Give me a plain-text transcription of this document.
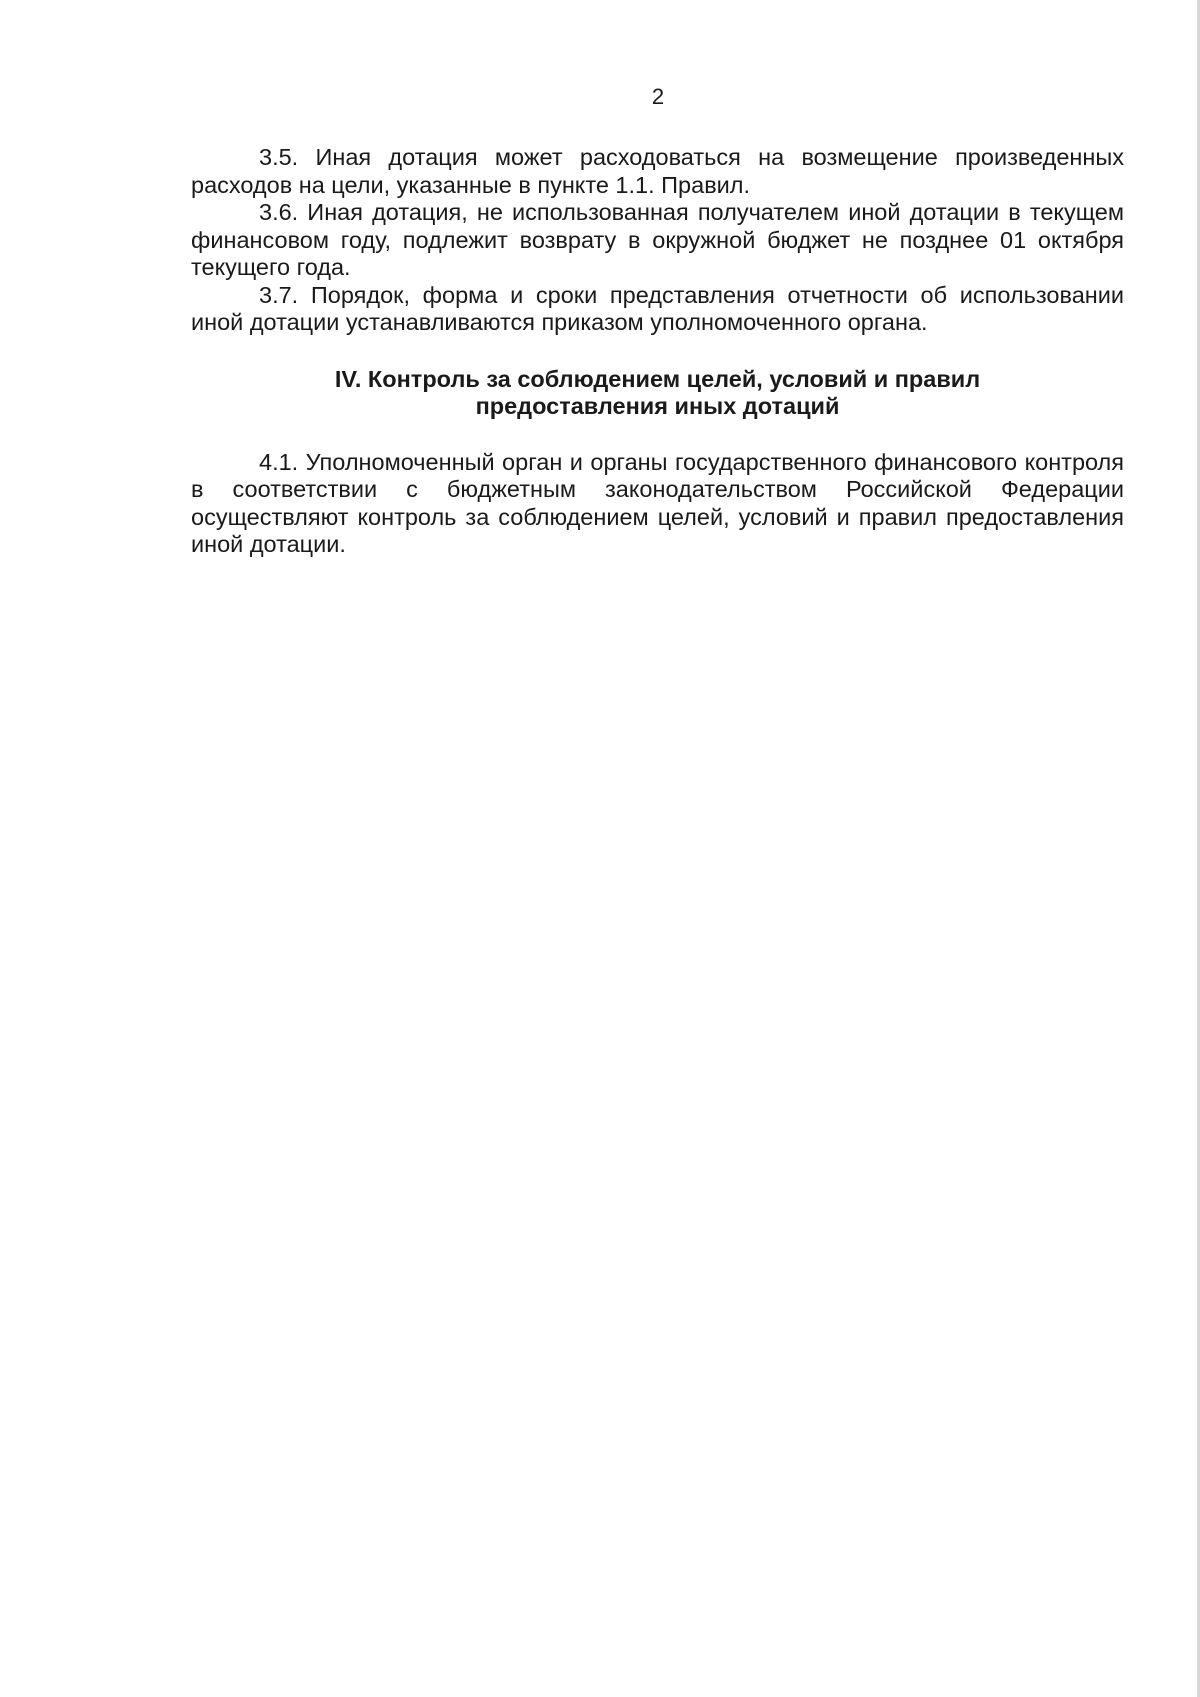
2

3.5. Иная дотация может расходоваться на возмещение произведенных расходов на цели, указанные в пункте 1.1. Правил.

3.6. Иная дотация, не использованная получателем иной дотации в текущем финансовом году, подлежит возврату в окружной бюджет не позднее 01 октября текущего года.

3.7. Порядок, форма и сроки представления отчетности об использовании иной дотации устанавливаются приказом уполномоченного органа.

IV. Контроль за соблюдением целей, условий и правил
предоставления иных дотаций

4.1. Уполномоченный орган и органы государственного финансового контроля в соответствии с бюджетным законодательством Российской Федерации осуществляют контроль за соблюдением целей, условий и правил предоставления иной дотации.
